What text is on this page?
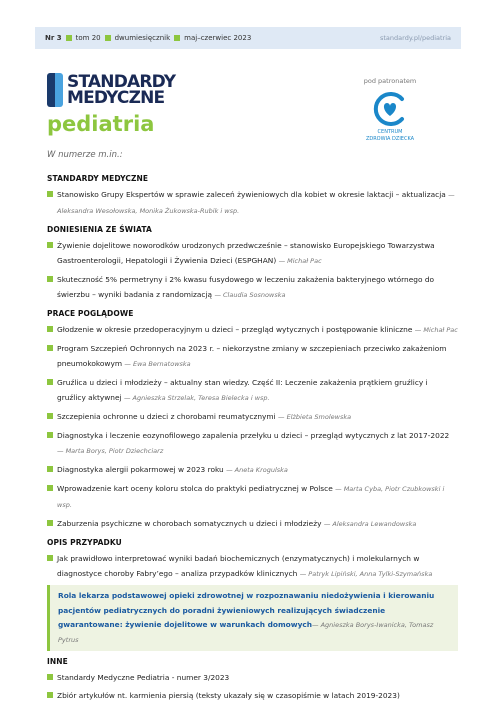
Nr 3 tom 20 dwumiesięcznik maj–czerwiec 2023	standardy.pl/pediatria
STANDARDY
MEDYCZNE
pediatria
pod patronatem
CENTRUM
ZDROWIA DZIECKA
W numerze m.in.:
STANDARDY MEDYCZNE
Stanowisko Grupy Ekspertów w sprawie zaleceń żywieniowych dla kobiet w okresie laktacji – aktualizacja — Aleksandra Wesołowska, Monika Żukowska-Rubik i wsp.
DONIESIENIA ZE ŚWIATA
Żywienie dojelitowe noworodków urodzonych przedwcześnie – stanowisko Europejskiego Towarzystwa Gastroenterologii, Hepatologii i Żywienia Dzieci (ESPGHAN) — Michał Pac
Skuteczność 5% permetryny i 2% kwasu fusydowego w leczeniu zakażenia bakteryjnego wtórnego do świerzbu – wyniki badania z randomizacją — Claudia Sosnowska
PRACE POGLĄDOWE
Głodzenie w okresie przedoperacyjnym u dzieci – przegląd wytycznych i postępowanie kliniczne — Michał Pac
Program Szczepień Ochronnych na 2023 r. – niekorzystne zmiany w szczepieniach przeciwko zakażeniom pneumokokowym — Ewa Bernatowska
Gruźlica u dzieci i młodzieży – aktualny stan wiedzy. Część II: Leczenie zakażenia prątkiem gruźlicy i gruźlicy aktywnej — Agnieszka Strzelak, Teresa Bielecka i wsp.
Szczepienia ochronne u dzieci z chorobami reumatycznymi — Elżbieta Smolewska
Diagnostyka i leczenie eozynofilowego zapalenia przełyku u dzieci – przegląd wytycznych z lat 2017-2022 — Marta Borys, Piotr Dziechciarz
Diagnostyka alergii pokarmowej w 2023 roku — Aneta Krogulska
Wprowadzenie kart oceny koloru stolca do praktyki pediatrycznej w Polsce — Marta Cyba, Piotr Czubkowski i wsp.
Zaburzenia psychiczne w chorobach somatycznych u dzieci i młodzieży — Aleksandra Lewandowska
OPIS PRZYPADKU
Jak prawidłowo interpretować wyniki badań biochemicznych (enzymatycznych) i molekularnych w diagnostyce choroby Fabry’ego – analiza przypadków klinicznych — Patryk Lipiński, Anna Tylki-Szymańska
Rola lekarza podstawowej opieki zdrowotnej w rozpoznawaniu niedożywienia i kierowaniu pacjentów pediatrycznych do poradni żywieniowych realizujących świadczenie gwarantowane: żywienie dojelitowe w warunkach domowych— Agnieszka Borys-Iwanicka, Tomasz Pytrus
INNE
Standardy Medyczne Pediatria - numer 3/2023
Zbiór artykułów nt. karmienia piersią (teksty ukazały się w czasopiśmie w latach 2019-2023)
